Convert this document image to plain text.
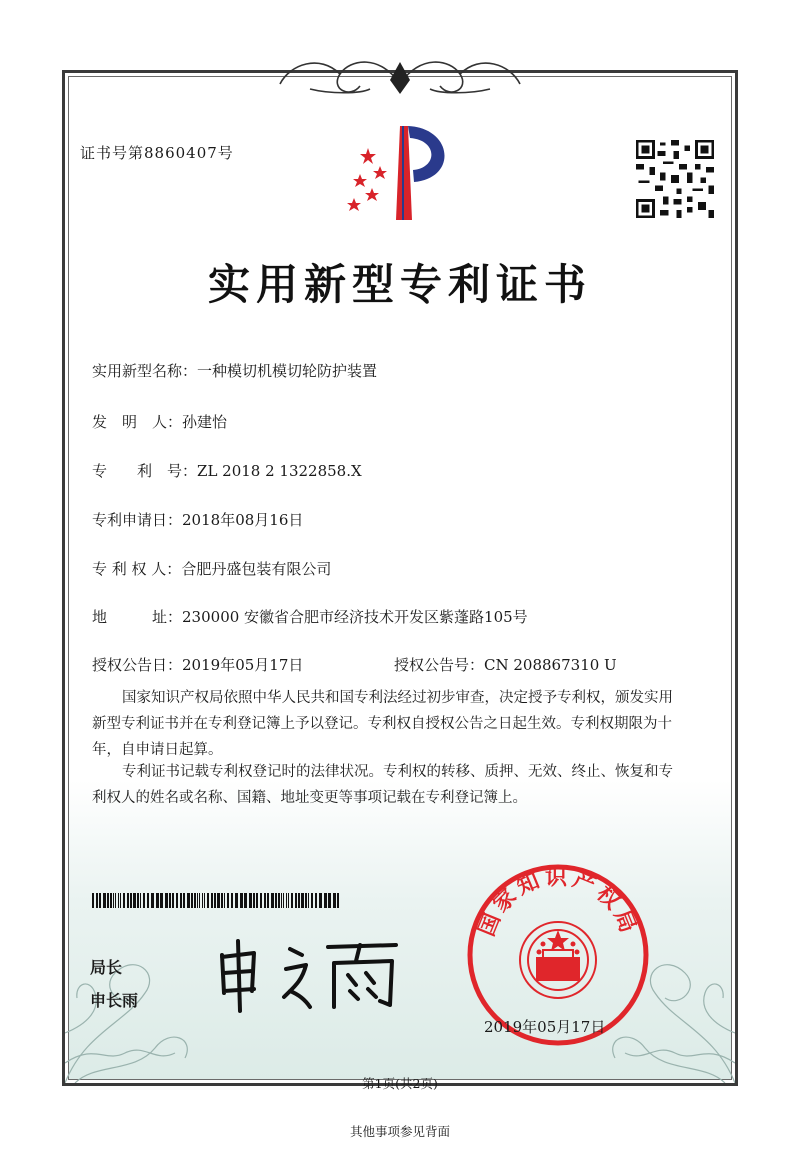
证书号第8860407号
实用新型专利证书
实用新型名称：一种模切机模切轮防护装置
发　明　人：孙建怡
专　　利　号：ZL 2018 2 1322858.X
专利申请日：2018年08月16日
专 利 权 人：合肥丹盛包装有限公司
地　　　址：230000 安徽省合肥市经济技术开发区紫蓬路105号
授权公告日：2019年05月17日	授权公告号：CN 208867310 U
国家知识产权局依照中华人民共和国专利法经过初步审查，决定授予专利权，颁发实用
新型专利证书并在专利登记簿上予以登记。专利权自授权公告之日起生效。专利权期限为十
年，自申请日起算。
专利证书记载专利权登记时的法律状况。专利权的转移、质押、无效、终止、恢复和专
利权人的姓名或名称、国籍、地址变更等事项记载在专利登记簿上。
局长
申长雨
国家知识产权局
2019年05月17日
第1页(共2页)
其他事项参见背面
